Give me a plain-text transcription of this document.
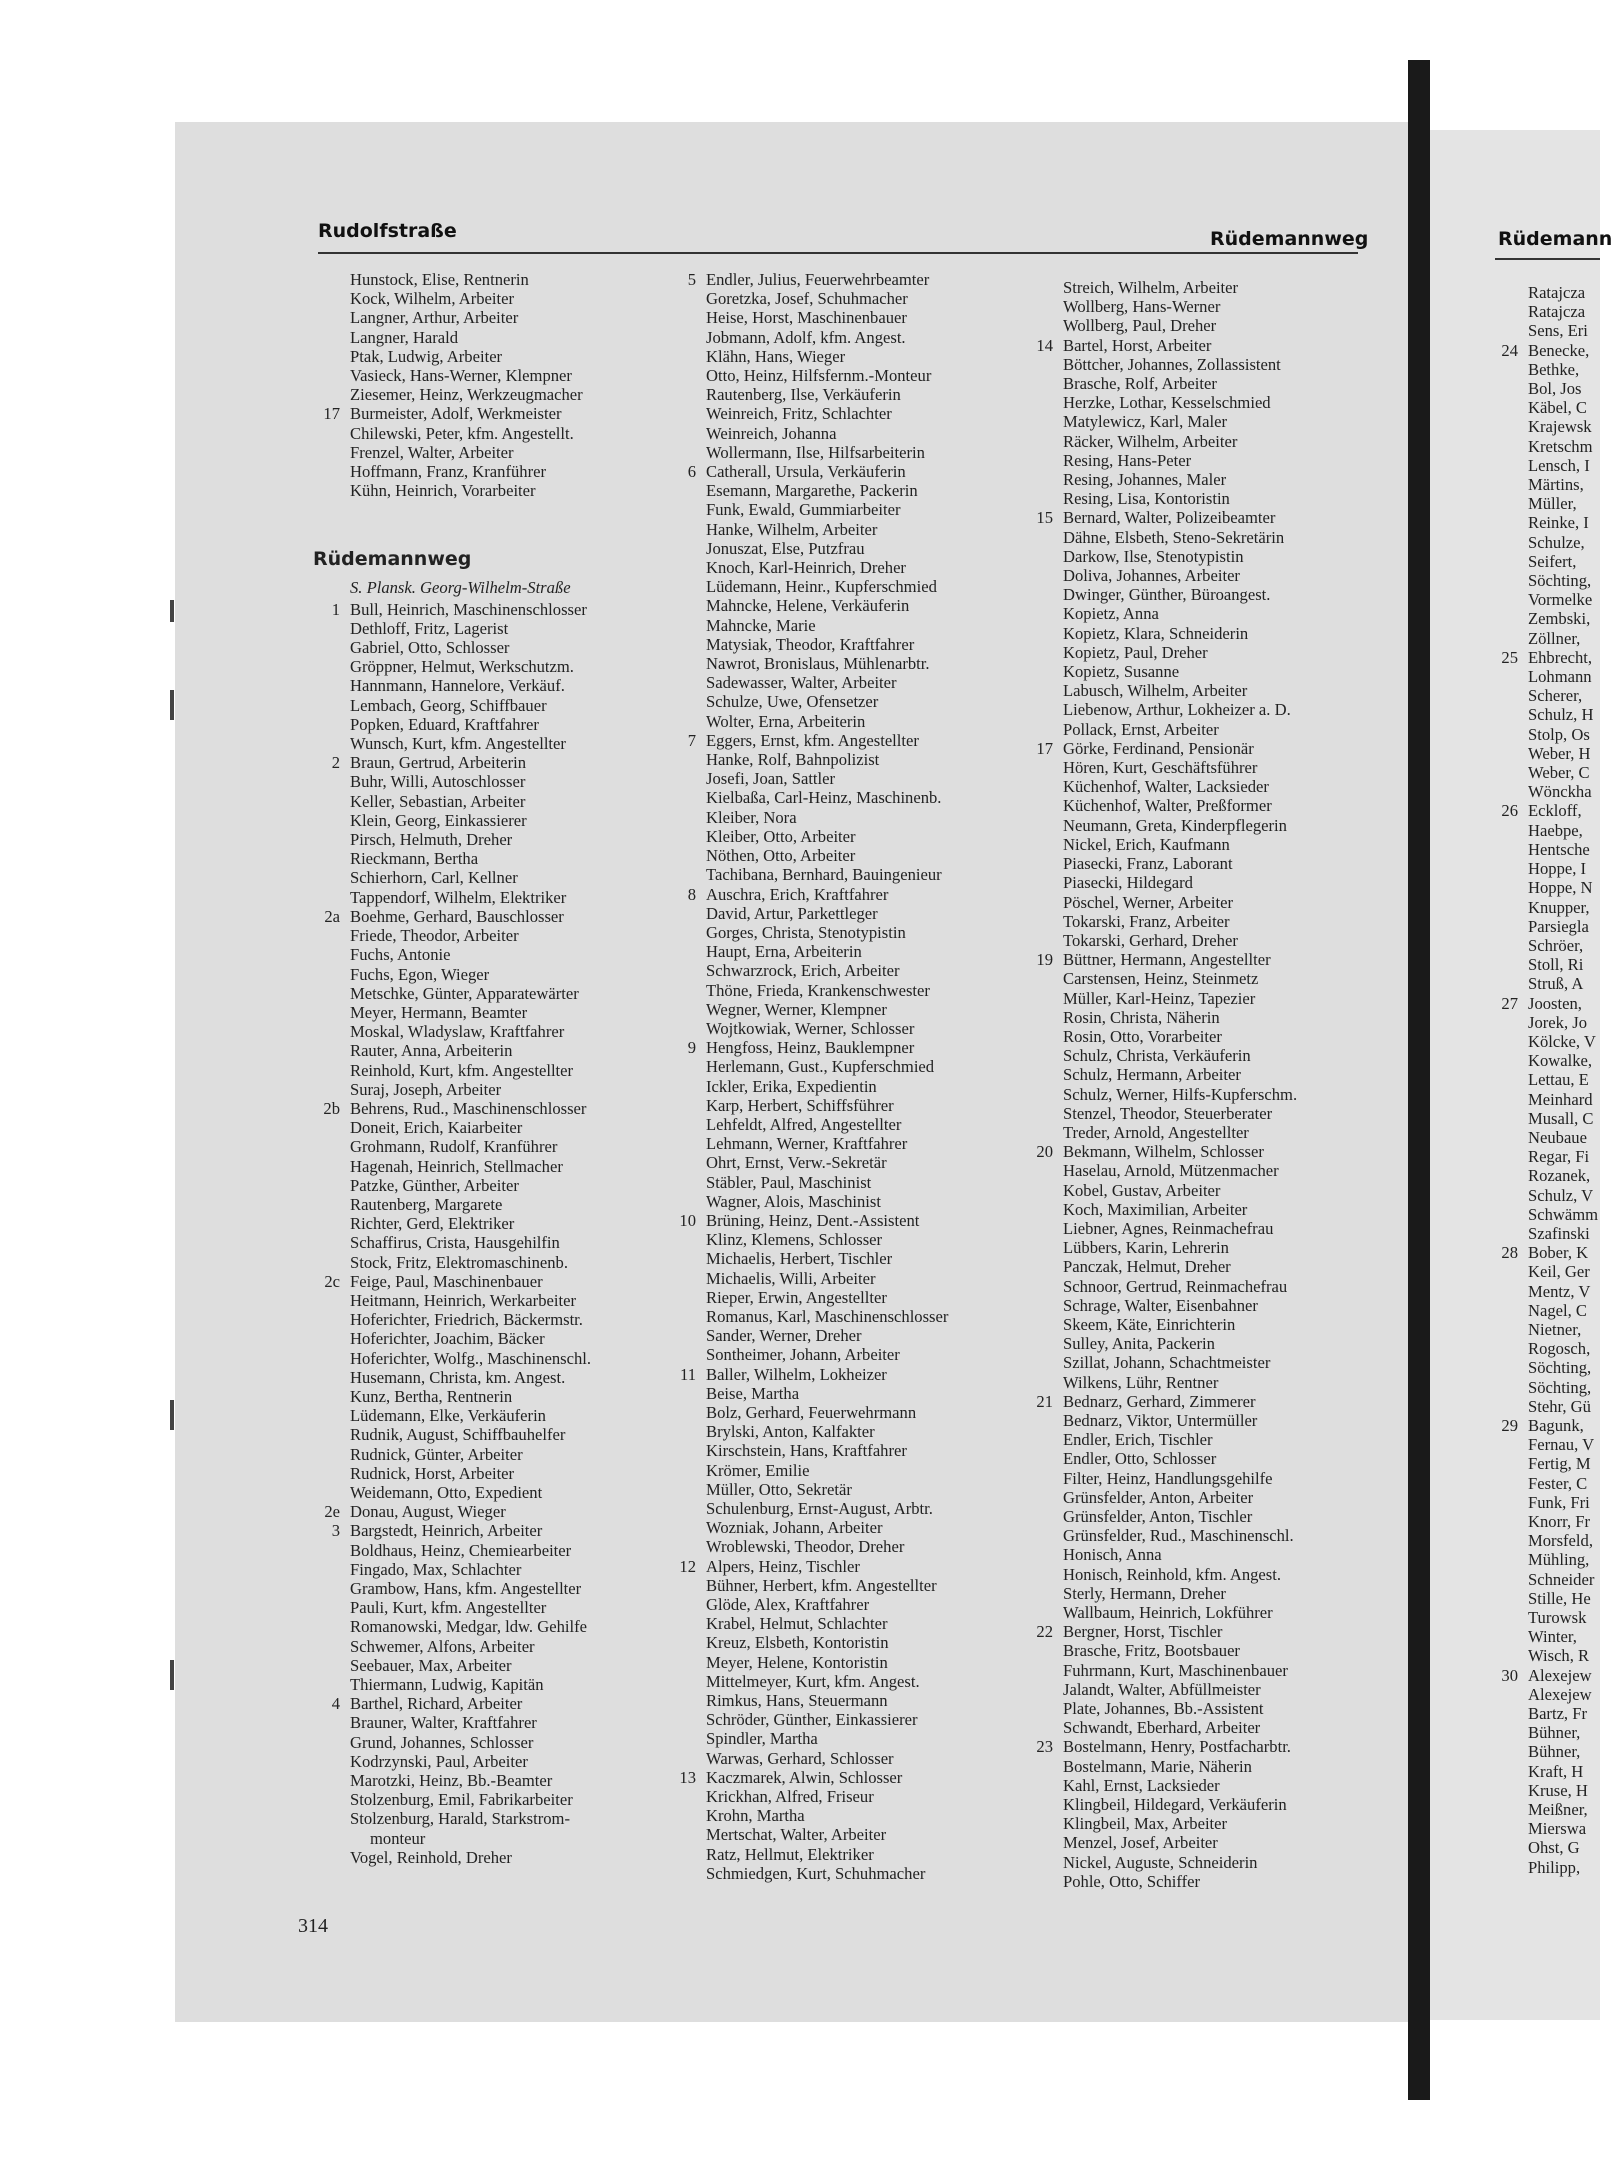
Rudolfstraße	Rüdemannweg	Rüdemann
Hunstock, Elise, Rentnerin
Kock, Wilhelm, Arbeiter
Langner, Arthur, Arbeiter
Langner, Harald
Ptak, Ludwig, Arbeiter
Vasieck, Hans-Werner, Klempner
Ziesemer, Heinz, Werkzeugmacher
17 Burmeister, Adolf, Werkmeister
Chilewski, Peter, kfm. Angestellt.
Frenzel, Walter, Arbeiter
Hoffmann, Franz, Kranführer
Kühn, Heinrich, Vorarbeiter
Rüdemannweg
S. Plansk. Georg-Wilhelm-Straße
1 Bull, Heinrich, Maschinenschlosser
Dethloff, Fritz, Lagerist
Gabriel, Otto, Schlosser
Gröppner, Helmut, Werkschutzm.
Hannmann, Hannelore, Verkäuf.
Lembach, Georg, Schiffbauer
Popken, Eduard, Kraftfahrer
Wunsch, Kurt, kfm. Angestellter
2 Braun, Gertrud, Arbeiterin
Buhr, Willi, Autoschlosser
Keller, Sebastian, Arbeiter
Klein, Georg, Einkassierer
Pirsch, Helmuth, Dreher
Rieckmann, Bertha
Schierhorn, Carl, Kellner
Tappendorf, Wilhelm, Elektriker
2a Boehme, Gerhard, Bauschlosser
Friede, Theodor, Arbeiter
Fuchs, Antonie
Fuchs, Egon, Wieger
Metschke, Günter, Apparatewärter
Meyer, Hermann, Beamter
Moskal, Wladyslaw, Kraftfahrer
Rauter, Anna, Arbeiterin
Reinhold, Kurt, kfm. Angestellter
Suraj, Joseph, Arbeiter
2b Behrens, Rud., Maschinenschlosser
Doneit, Erich, Kaiarbeiter
Grohmann, Rudolf, Kranführer
Hagenah, Heinrich, Stellmacher
Patzke, Günther, Arbeiter
Rautenberg, Margarete
Richter, Gerd, Elektriker
Schaffirus, Crista, Hausgehilfin
Stock, Fritz, Elektromaschinenb.
2c Feige, Paul, Maschinenbauer
Heitmann, Heinrich, Werkarbeiter
Hoferichter, Friedrich, Bäckermstr.
Hoferichter, Joachim, Bäcker
Hoferichter, Wolfg., Maschinenschl.
Husemann, Christa, km. Angest.
Kunz, Bertha, Rentnerin
Lüdemann, Elke, Verkäuferin
Rudnik, August, Schiffbauhelfer
Rudnick, Günter, Arbeiter
Rudnick, Horst, Arbeiter
Weidemann, Otto, Expedient
2e Donau, August, Wieger
3 Bargstedt, Heinrich, Arbeiter
Boldhaus, Heinz, Chemiearbeiter
Fingado, Max, Schlachter
Grambow, Hans, kfm. Angestellter
Pauli, Kurt, kfm. Angestellter
Romanowski, Medgar, ldw. Gehilfe
Schwemer, Alfons, Arbeiter
Seebauer, Max, Arbeiter
Thiermann, Ludwig, Kapitän
4 Barthel, Richard, Arbeiter
Brauner, Walter, Kraftfahrer
Grund, Johannes, Schlosser
Kodrzynski, Paul, Arbeiter
Marotzki, Heinz, Bb.-Beamter
Stolzenburg, Emil, Fabrikarbeiter
Stolzenburg, Harald, Starkstrom-
monteur
Vogel, Reinhold, Dreher
5 Endler, Julius, Feuerwehrbeamter
Goretzka, Josef, Schuhmacher
Heise, Horst, Maschinenbauer
Jobmann, Adolf, kfm. Angest.
Klähn, Hans, Wieger
Otto, Heinz, Hilfsfernm.-Monteur
Rautenberg, Ilse, Verkäuferin
Weinreich, Fritz, Schlachter
Weinreich, Johanna
Wollermann, Ilse, Hilfsarbeiterin
6 Catherall, Ursula, Verkäuferin
Esemann, Margarethe, Packerin
Funk, Ewald, Gummiarbeiter
Hanke, Wilhelm, Arbeiter
Jonuszat, Else, Putzfrau
Knoch, Karl-Heinrich, Dreher
Lüdemann, Heinr., Kupferschmied
Mahncke, Helene, Verkäuferin
Mahncke, Marie
Matysiak, Theodor, Kraftfahrer
Nawrot, Bronislaus, Mühlenarbtr.
Sadewasser, Walter, Arbeiter
Schulze, Uwe, Ofensetzer
Wolter, Erna, Arbeiterin
7 Eggers, Ernst, kfm. Angestellter
Hanke, Rolf, Bahnpolizist
Josefi, Joan, Sattler
Kielbaßa, Carl-Heinz, Maschinenb.
Kleiber, Nora
Kleiber, Otto, Arbeiter
Nöthen, Otto, Arbeiter
Tachibana, Bernhard, Bauingenieur
8 Auschra, Erich, Kraftfahrer
David, Artur, Parkettleger
Gorges, Christa, Stenotypistin
Haupt, Erna, Arbeiterin
Schwarzrock, Erich, Arbeiter
Thöne, Frieda, Krankenschwester
Wegner, Werner, Klempner
Wojtkowiak, Werner, Schlosser
9 Hengfoss, Heinz, Bauklempner
Herlemann, Gust., Kupferschmied
Ickler, Erika, Expedientin
Karp, Herbert, Schiffsführer
Lehfeldt, Alfred, Angestellter
Lehmann, Werner, Kraftfahrer
Ohrt, Ernst, Verw.-Sekretär
Stäbler, Paul, Maschinist
Wagner, Alois, Maschinist
10 Brüning, Heinz, Dent.-Assistent
Klinz, Klemens, Schlosser
Michaelis, Herbert, Tischler
Michaelis, Willi, Arbeiter
Rieper, Erwin, Angestellter
Romanus, Karl, Maschinenschlosser
Sander, Werner, Dreher
Sontheimer, Johann, Arbeiter
11 Baller, Wilhelm, Lokheizer
Beise, Martha
Bolz, Gerhard, Feuerwehrmann
Brylski, Anton, Kalfakter
Kirschstein, Hans, Kraftfahrer
Krömer, Emilie
Müller, Otto, Sekretär
Schulenburg, Ernst-August, Arbtr.
Wozniak, Johann, Arbeiter
Wroblewski, Theodor, Dreher
12 Alpers, Heinz, Tischler
Bühner, Herbert, kfm. Angestellter
Glöde, Alex, Kraftfahrer
Krabel, Helmut, Schlachter
Kreuz, Elsbeth, Kontoristin
Meyer, Helene, Kontoristin
Mittelmeyer, Kurt, kfm. Angest.
Rimkus, Hans, Steuermann
Schröder, Günther, Einkassierer
Spindler, Martha
Warwas, Gerhard, Schlosser
13 Kaczmarek, Alwin, Schlosser
Krickhan, Alfred, Friseur
Krohn, Martha
Mertschat, Walter, Arbeiter
Ratz, Hellmut, Elektriker
Schmiedgen, Kurt, Schuhmacher
Streich, Wilhelm, Arbeiter
Wollberg, Hans-Werner
Wollberg, Paul, Dreher
14 Bartel, Horst, Arbeiter
Böttcher, Johannes, Zollassistent
Brasche, Rolf, Arbeiter
Herzke, Lothar, Kesselschmied
Matylewicz, Karl, Maler
Räcker, Wilhelm, Arbeiter
Resing, Hans-Peter
Resing, Johannes, Maler
Resing, Lisa, Kontoristin
15 Bernard, Walter, Polizeibeamter
Dähne, Elsbeth, Steno-Sekretärin
Darkow, Ilse, Stenotypistin
Doliva, Johannes, Arbeiter
Dwinger, Günther, Büroangest.
Kopietz, Anna
Kopietz, Klara, Schneiderin
Kopietz, Paul, Dreher
Kopietz, Susanne
Labusch, Wilhelm, Arbeiter
Liebenow, Arthur, Lokheizer a. D.
Pollack, Ernst, Arbeiter
17 Görke, Ferdinand, Pensionär
Hören, Kurt, Geschäftsführer
Küchenhof, Walter, Lacksieder
Küchenhof, Walter, Preßformer
Neumann, Greta, Kinderpflegerin
Nickel, Erich, Kaufmann
Piasecki, Franz, Laborant
Piasecki, Hildegard
Pöschel, Werner, Arbeiter
Tokarski, Franz, Arbeiter
Tokarski, Gerhard, Dreher
19 Büttner, Hermann, Angestellter
Carstensen, Heinz, Steinmetz
Müller, Karl-Heinz, Tapezier
Rosin, Christa, Näherin
Rosin, Otto, Vorarbeiter
Schulz, Christa, Verkäuferin
Schulz, Hermann, Arbeiter
Schulz, Werner, Hilfs-Kupferschm.
Stenzel, Theodor, Steuerberater
Treder, Arnold, Angestellter
20 Bekmann, Wilhelm, Schlosser
Haselau, Arnold, Mützenmacher
Kobel, Gustav, Arbeiter
Koch, Maximilian, Arbeiter
Liebner, Agnes, Reinmachefrau
Lübbers, Karin, Lehrerin
Panczak, Helmut, Dreher
Schnoor, Gertrud, Reinmachefrau
Schrage, Walter, Eisenbahner
Skeem, Käte, Einrichterin
Sulley, Anita, Packerin
Szillat, Johann, Schachtmeister
Wilkens, Lühr, Rentner
21 Bednarz, Gerhard, Zimmerer
Bednarz, Viktor, Untermüller
Endler, Erich, Tischler
Endler, Otto, Schlosser
Filter, Heinz, Handlungsgehilfe
Grünsfelder, Anton, Arbeiter
Grünsfelder, Anton, Tischler
Grünsfelder, Rud., Maschinenschl.
Honisch, Anna
Honisch, Reinhold, kfm. Angest.
Sterly, Hermann, Dreher
Wallbaum, Heinrich, Lokführer
22 Bergner, Horst, Tischler
Brasche, Fritz, Bootsbauer
Fuhrmann, Kurt, Maschinenbauer
Jalandt, Walter, Abfüllmeister
Plate, Johannes, Bb.-Assistent
Schwandt, Eberhard, Arbeiter
23 Bostelmann, Henry, Postfacharbtr.
Bostelmann, Marie, Näherin
Kahl, Ernst, Lacksieder
Klingbeil, Hildegard, Verkäuferin
Klingbeil, Max, Arbeiter
Menzel, Josef, Arbeiter
Nickel, Auguste, Schneiderin
Pohle, Otto, Schiffer
Ratajcza
Ratajcza
Sens, Eri
24 Benecke,
Bethke,
Bol, Jos
Käbel, C
Krajewsk
Kretschm
Lensch, I
Märtins,
Müller,
Reinke, I
Schulze,
Seifert,
Söchting,
Vormelke
Zembski,
Zöllner,
25 Ehbrecht,
Lohmann
Scherer,
Schulz, H
Stolp, Os
Weber, H
Weber, C
Wönckha
26 Eckloff,
Haebpe,
Hentsche
Hoppe, I
Hoppe, N
Knupper,
Parsiegla
Schröer,
Stoll, Ri
Struß, A
27 Joosten,
Jorek, Jo
Kölcke, V
Kowalke,
Lettau, E
Meinhard
Musall, C
Neubaue
Regar, Fi
Rozanek,
Schulz, V
Schwämm
Szafinski
28 Bober, K
Keil, Ger
Mentz, V
Nagel, C
Nietner,
Rogosch,
Söchting,
Söchting,
Stehr, Gü
29 Bagunk,
Fernau, V
Fertig, M
Fester, C
Funk, Fri
Knorr, Fr
Morsfeld,
Mühling,
Schneider
Stille, He
Turowsk
Winter,
Wisch, R
30 Alexejew
Alexejew
Bartz, Fr
Bühner,
Bühner,
Kraft, H
Kruse, H
Meißner,
Mierswa
Ohst, G
Philipp,
314
